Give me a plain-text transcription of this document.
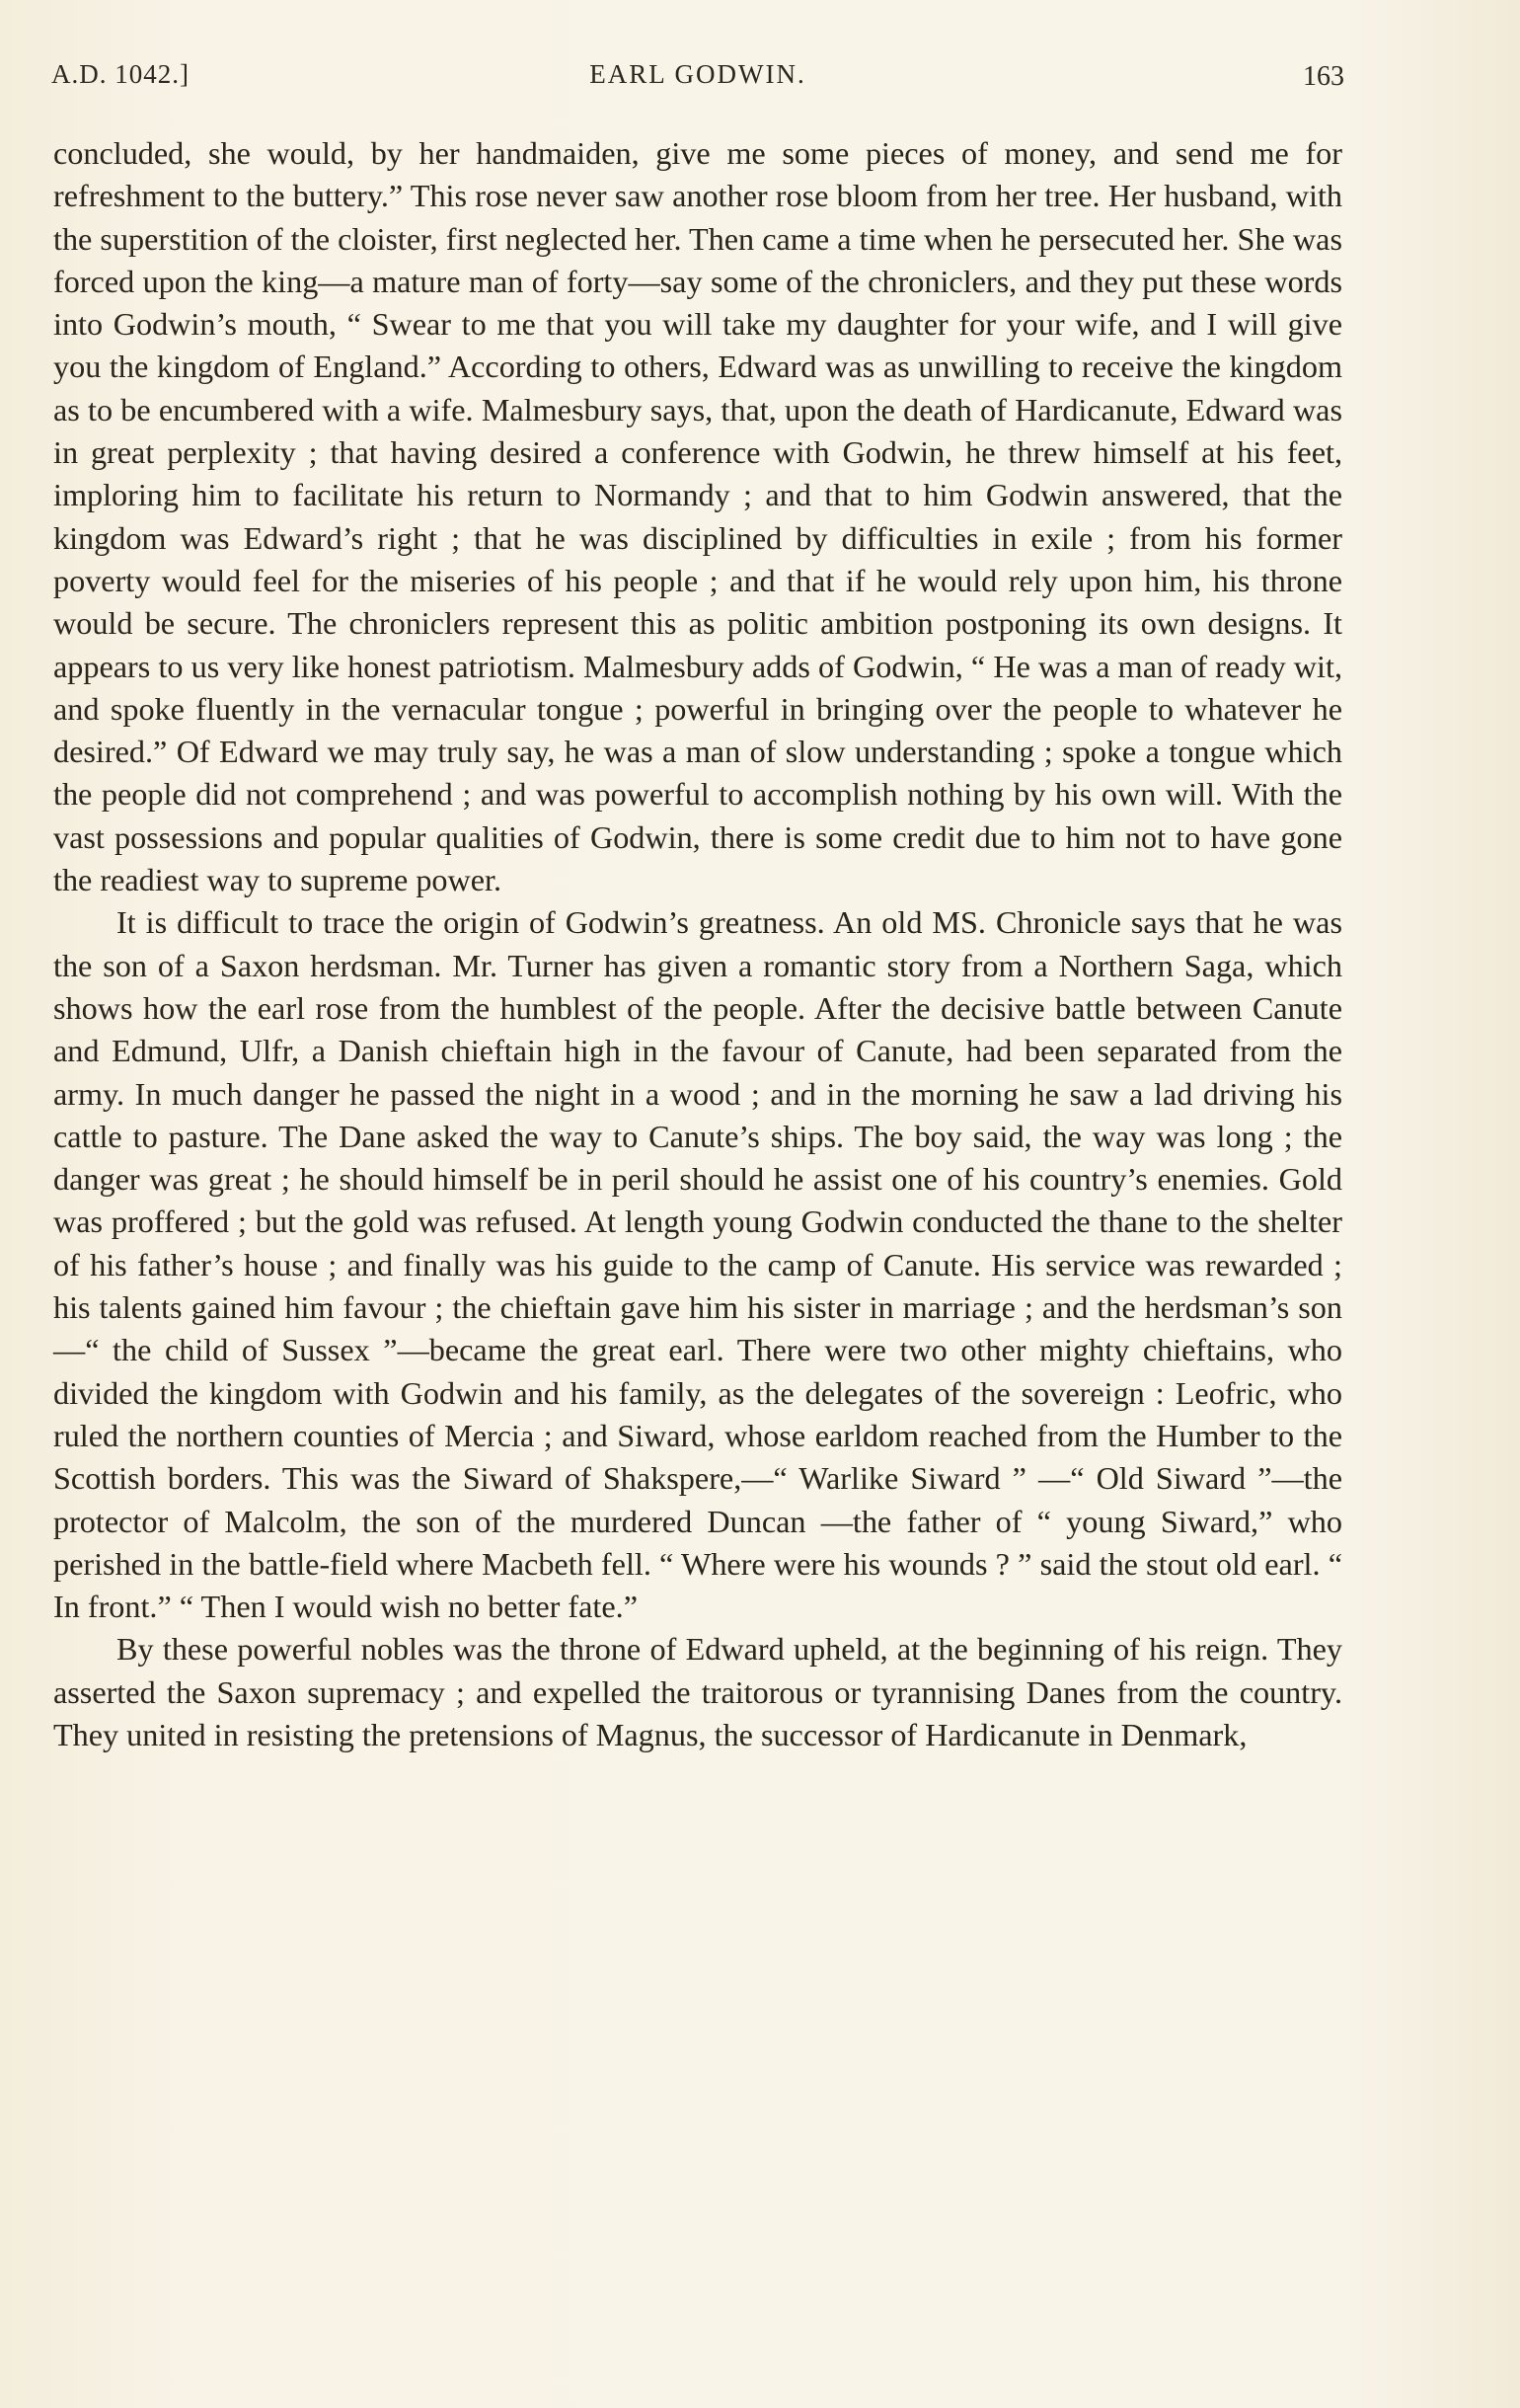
A.D. 1042.]	EARL GODWIN.	163

concluded, she would, by her handmaiden, give me some pieces of money, and send me for refreshment to the buttery.” This rose never saw another rose bloom from her tree. Her husband, with the superstition of the cloister, first neglected her. Then came a time when he persecuted her. She was forced upon the king—a mature man of forty—say some of the chroniclers, and they put these words into Godwin’s mouth, “ Swear to me that you will take my daughter for your wife, and I will give you the kingdom of England.” According to others, Edward was as unwilling to receive the kingdom as to be encumbered with a wife. Malmesbury says, that, upon the death of Hardicanute, Edward was in great perplexity ; that having desired a conference with Godwin, he threw himself at his feet, imploring him to facilitate his return to Normandy ; and that to him Godwin answered, that the kingdom was Edward’s right ; that he was disciplined by difficulties in exile ; from his former poverty would feel for the miseries of his people ; and that if he would rely upon him, his throne would be secure. The chroniclers represent this as politic ambition postponing its own designs. It appears to us very like honest patriotism. Malmesbury adds of Godwin, “ He was a man of ready wit, and spoke fluently in the vernacular tongue ; powerful in bringing over the people to whatever he desired.” Of Edward we may truly say, he was a man of slow understanding ; spoke a tongue which the people did not comprehend ; and was powerful to accomplish nothing by his own will. With the vast possessions and popular qualities of Godwin, there is some credit due to him not to have gone the readiest way to supreme power.

It is difficult to trace the origin of Godwin’s greatness. An old MS. Chronicle says that he was the son of a Saxon herdsman. Mr. Turner has given a romantic story from a Northern Saga, which shows how the earl rose from the humblest of the people. After the decisive battle between Canute and Edmund, Ulfr, a Danish chieftain high in the favour of Canute, had been separated from the army. In much danger he passed the night in a wood ; and in the morning he saw a lad driving his cattle to pasture. The Dane asked the way to Canute’s ships. The boy said, the way was long ; the danger was great ; he should himself be in peril should he assist one of his country’s enemies. Gold was proffered ; but the gold was refused. At length young Godwin conducted the thane to the shelter of his father’s house ; and finally was his guide to the camp of Canute. His service was rewarded ; his talents gained him favour ; the chieftain gave him his sister in marriage ; and the herdsman’s son—“ the child of Sussex ”—became the great earl. There were two other mighty chieftains, who divided the kingdom with Godwin and his family, as the delegates of the sovereign : Leofric, who ruled the northern counties of Mercia ; and Siward, whose earldom reached from the Humber to the Scottish borders. This was the Siward of Shakspere,—“ Warlike Siward ” —“ Old Siward ”—the protector of Malcolm, the son of the murdered Duncan —the father of “ young Siward,” who perished in the battle-field where Macbeth fell. “ Where were his wounds ? ” said the stout old earl. “ In front.” “ Then I would wish no better fate.”

By these powerful nobles was the throne of Edward upheld, at the beginning of his reign. They asserted the Saxon supremacy ; and expelled the traitorous or tyrannising Danes from the country. They united in resisting the pretensions of Magnus, the successor of Hardicanute in Denmark,
